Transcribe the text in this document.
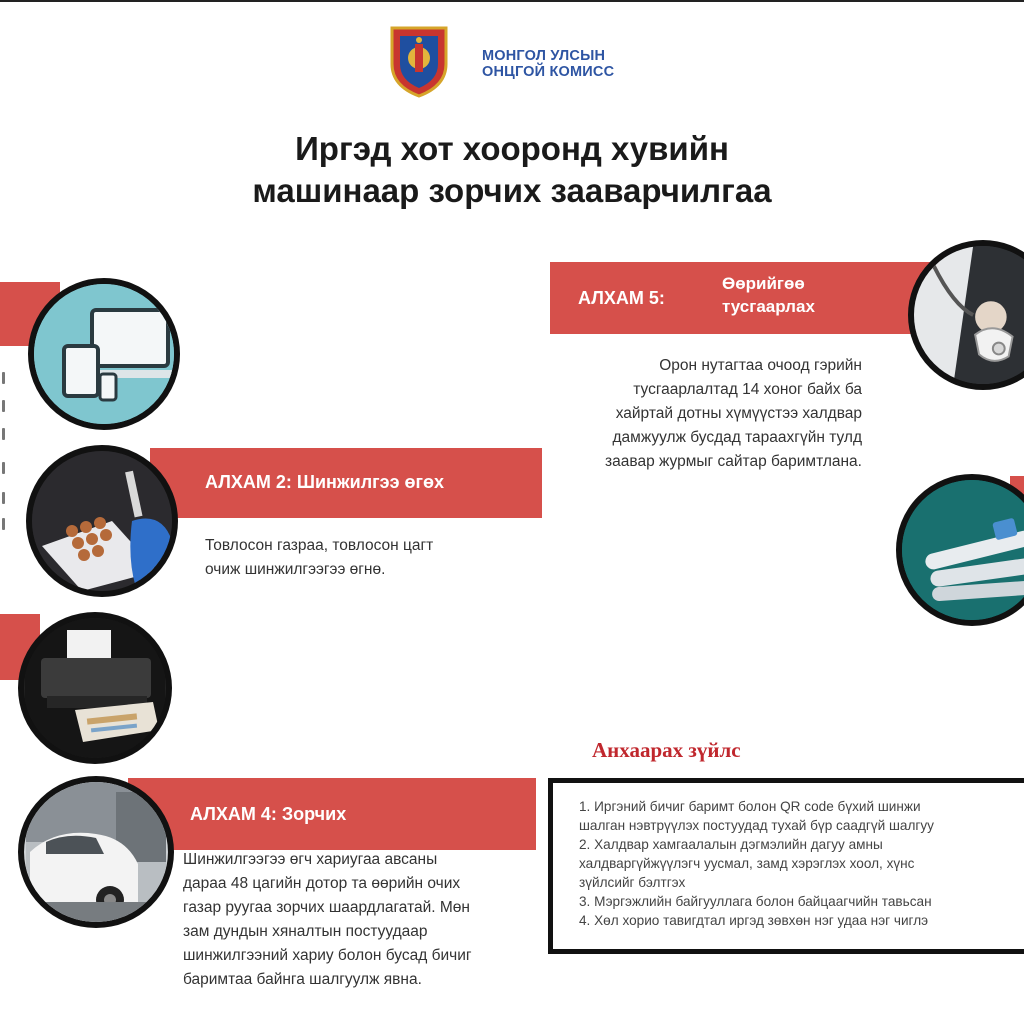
МОНГОЛ УЛСЫН
ОНЦГОЙ КОМИСС
Иргэд хот хооронд хувийн
машинаар зорчих зааварчилгаа
АЛХАМ 2: Шинжилгээ өгөх
Товлосон газраа, товлосон цагт
очиж шинжилгээгээ өгнө.
АЛХАМ 4: Зорчих
Шинжилгээгээ өгч хариугаа авсаны
дараа 48 цагийн дотор та өөрийн очих
газар руугаа зорчих шаардлагатай. Мөн
зам дундын хяналтын постуудаар
шинжилгээний хариу болон бусад бичиг
баримтаа байнга шалгуулж явна.
АЛХАМ 5:
Өөрийгөө
тусгаарлах
Орон нутагтаа очоод гэрийн
тусгаарлалтад 14 хоног байх ба
хайртай дотны хүмүүстээ халдвар
дамжуулж бусдад тараахгүйн тулд
заавар журмыг сайтар баримтлана.
Анхаарах зүйлс
1. Иргэний бичиг баримт болон QR code бүхий шинжи
шалган нэвтрүүлэх постуудад тухай бүр саадгүй шалгуу
2. Халдвар хамгаалалын дэгмэлийн дагуу амны
халдваргүйжүүлэгч уусмал, замд хэрэглэх хоол, хүнс
зүйлсийг бэлтгэх
3. Мэргэжлийн байгууллага болон байцаагчийн тавьсан
4. Хөл хорио тавигдтал иргэд зөвхөн нэг удаа нэг чиглэ
